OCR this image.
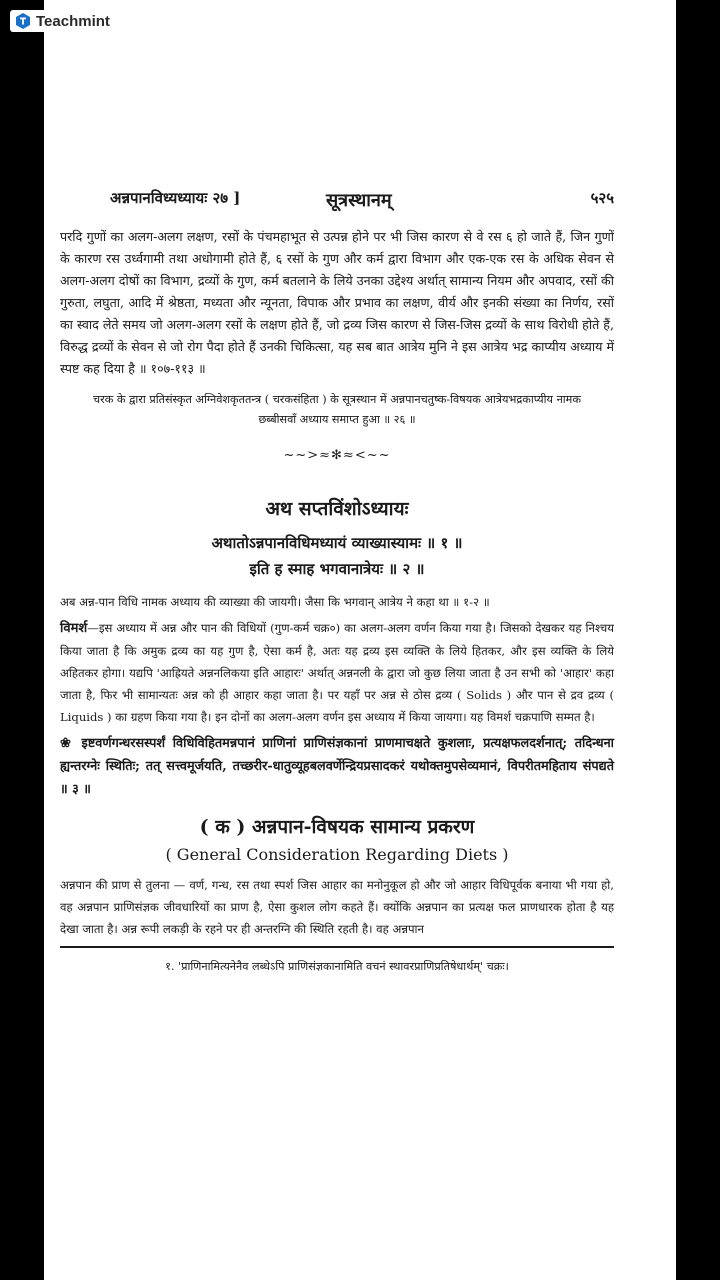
Teachmint
अन्नपानविध्यध्यायः २७ ]	सूत्रस्थानम्	५२५

परदि गुणों का अलग-अलग लक्षण, रसों के पंचमहाभूत से उत्पन्न होने पर भी जिस कारण से वे रस ६ हो जाते हैं, जिन गुणों के कारण रस उर्ध्वगामी तथा अधोगामी होते हैं, ६ रसों के गुण और कर्म द्वारा विभाग और एक-एक रस के अधिक सेवन से अलग-अलग दोषों का विभाग, द्रव्यों के गुण, कर्म बतलाने के लिये उनका उद्देश्य अर्थात् सामान्य नियम और अपवाद, रसों की गुरुता, लघुता, आदि में श्रेष्ठता, मध्यता और न्यूनता, विपाक और प्रभाव का लक्षण, वीर्य और इनकी संख्या का निर्णय, रसों का स्वाद लेते समय जो अलग-अलग रसों के लक्षण होते हैं, जो द्रव्य जिस कारण से जिस-जिस द्रव्यों के साथ विरोधी होते हैं, विरुद्ध द्रव्यों के सेवन से जो रोग पैदा होते हैं उनकी चिकित्सा, यह सब बात आत्रेय मुनि ने इस आत्रेय भद्र काप्यीय अध्याय में स्पष्ट कह दिया है ॥ १०७-११३ ॥

चरक के द्वारा प्रतिसंस्कृत अग्निवेशकृततन्त्र ( चरकसंहिता ) के सूत्रस्थान में अन्नपानचतुष्क-विषयक आत्रेयभद्रकाप्यीय नामक छब्बीसवाँ अध्याय समाप्त हुआ ॥ २६ ॥

~~>≈✻≈<~~
अथ सप्तविंशोऽध्यायः
अथातोऽन्नपानविधिमध्यायं व्याख्यास्यामः ॥ १ ॥
इति ह स्माह भगवानात्रेयः ॥ २ ॥

अब अन्न-पान विधि नामक अध्याय की व्याख्या की जायगी। जैसा कि भगवान् आत्रेय ने कहा था ॥ १-२ ॥

विमर्श—इस अध्याय में अन्न और पान की विधियों (गुण-कर्म चक्र०) का अलग-अलग वर्णन किया गया है। जिसको देखकर यह निश्चय किया जाता है कि अमुक द्रव्य का यह गुण है, ऐसा कर्म है, अतः यह द्रव्य इस व्यक्ति के लिये हितकर, और इस व्यक्ति के लिये अहितकर होगा। यद्यपि 'आह्रियते अन्ननलिकया इति आहारः' अर्थात् अन्ननली के द्वारा जो कुछ लिया जाता है उन सभी को 'आहार' कहा जाता है, फिर भी सामान्यतः अन्न को ही आहार कहा जाता है। पर यहाँ पर अन्न से ठोस द्रव्य ( Solids ) और पान से द्रव द्रव्य ( Liquids ) का ग्रहण किया गया है। इन दोनों का अलग-अलग वर्णन इस अध्याय में किया जायगा। यह विमर्श चक्रपाणि सम्मत है।

❀ इष्टवर्णगन्धरसस्पर्शं विधिविहितमन्नपानं प्राणिनां प्राणिसंज्ञकानां प्राणमाचक्षते कुशलाः, प्रत्यक्षफलदर्शनात्; तदिन्धना ह्यन्तरग्नेः स्थितिः; तत् सत्त्वमूर्जयति, तच्छरीर-धातुव्यूहबलवर्णेन्द्रियप्रसादकरं यथोक्तमुपसेव्यमानं, विपरीतमहिताय संपद्यते ॥ ३ ॥

( क ) अन्नपान-विषयक सामान्य प्रकरण
( General Consideration Regarding Diets )

अन्नपान की प्राण से तुलना — वर्ण, गन्ध, रस तथा स्पर्श जिस आहार का मनोनुकूल हो और जो आहार विधिपूर्वक बनाया भी गया हो, वह अन्नपान प्राणिसंज्ञक जीवधारियों का प्राण है, ऐसा कुशल लोग कहते हैं। क्योंकि अन्नपान का प्रत्यक्ष फल प्राणधारक होता है यह देखा जाता है। अन्न रूपी लकड़ी के रहने पर ही अन्तरग्नि की स्थिति रहती है। वह अन्नपान

१. 'प्राणिनामित्यनेनैव लब्धेऽपि प्राणिसंज्ञकानामिति वचनं स्थावरप्राणिप्रतिषेधार्थम्' चक्रः।
